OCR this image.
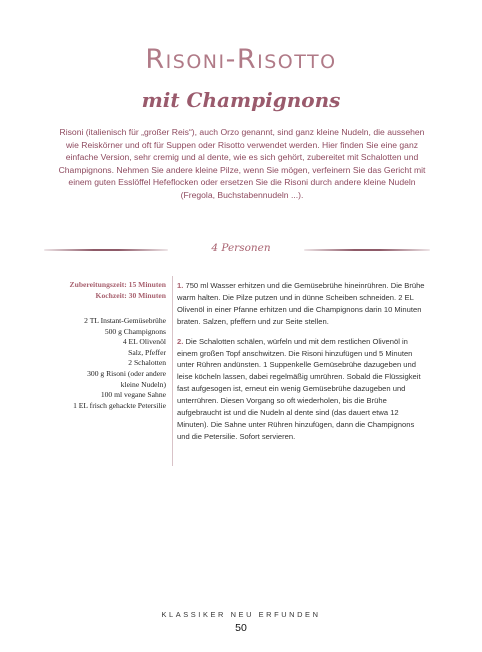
Risoni-Risotto
mit Champignons
Risoni (italienisch für „großer Reis“), auch Orzo genannt, sind ganz kleine Nudeln, die aussehen wie Reiskörner und oft für Suppen oder Risotto verwendet werden. Hier finden Sie eine ganz einfache Version, sehr cremig und al dente, wie es sich gehört, zubereitet mit Schalotten und Champignons. Nehmen Sie andere kleine Pilze, wenn Sie mögen, verfeinern Sie das Gericht mit einem guten Esslöffel Hefeflocken oder ersetzen Sie die Risoni durch andere kleine Nudeln (Fregola, Buchstabennudeln ...).
4 Personen
Zubereitungszeit: 15 Minuten
Kochzeit: 30 Minuten
2 TL Instant-Gemüsebrühe
500 g Champignons
4 EL Olivenöl
Salz, Pfeffer
2 Schalotten
300 g Risoni (oder andere
kleine Nudeln)
100 ml vegane Sahne
1 EL frisch gehackte Petersilie

1. 750 ml Wasser erhitzen und die Gemüsebrühe hineinrühren. Die Brühe warm halten. Die Pilze putzen und in dünne Scheiben schneiden. 2 EL Olivenöl in einer Pfanne erhitzen und die Champignons darin 10 Minuten braten. Salzen, pfeffern und zur Seite stellen.

2. Die Schalotten schälen, würfeln und mit dem restlichen Olivenöl in einem großen Topf anschwitzen. Die Risoni hinzufügen und 5 Minuten unter Rühren andünsten. 1 Suppenkelle Gemüsebrühe dazugeben und leise köcheln lassen, dabei regelmäßig umrühren. Sobald die Flüssigkeit fast aufgesogen ist, erneut ein wenig Gemüsebrühe dazugeben und unterrühren. Diesen Vorgang so oft wiederholen, bis die Brühe aufgebraucht ist und die Nudeln al dente sind (das dauert etwa 12 Minuten). Die Sahne unter Rühren hinzufügen, dann die Champignons und die Petersilie. Sofort servieren.

KLASSIKER NEU ERFUNDEN
50
